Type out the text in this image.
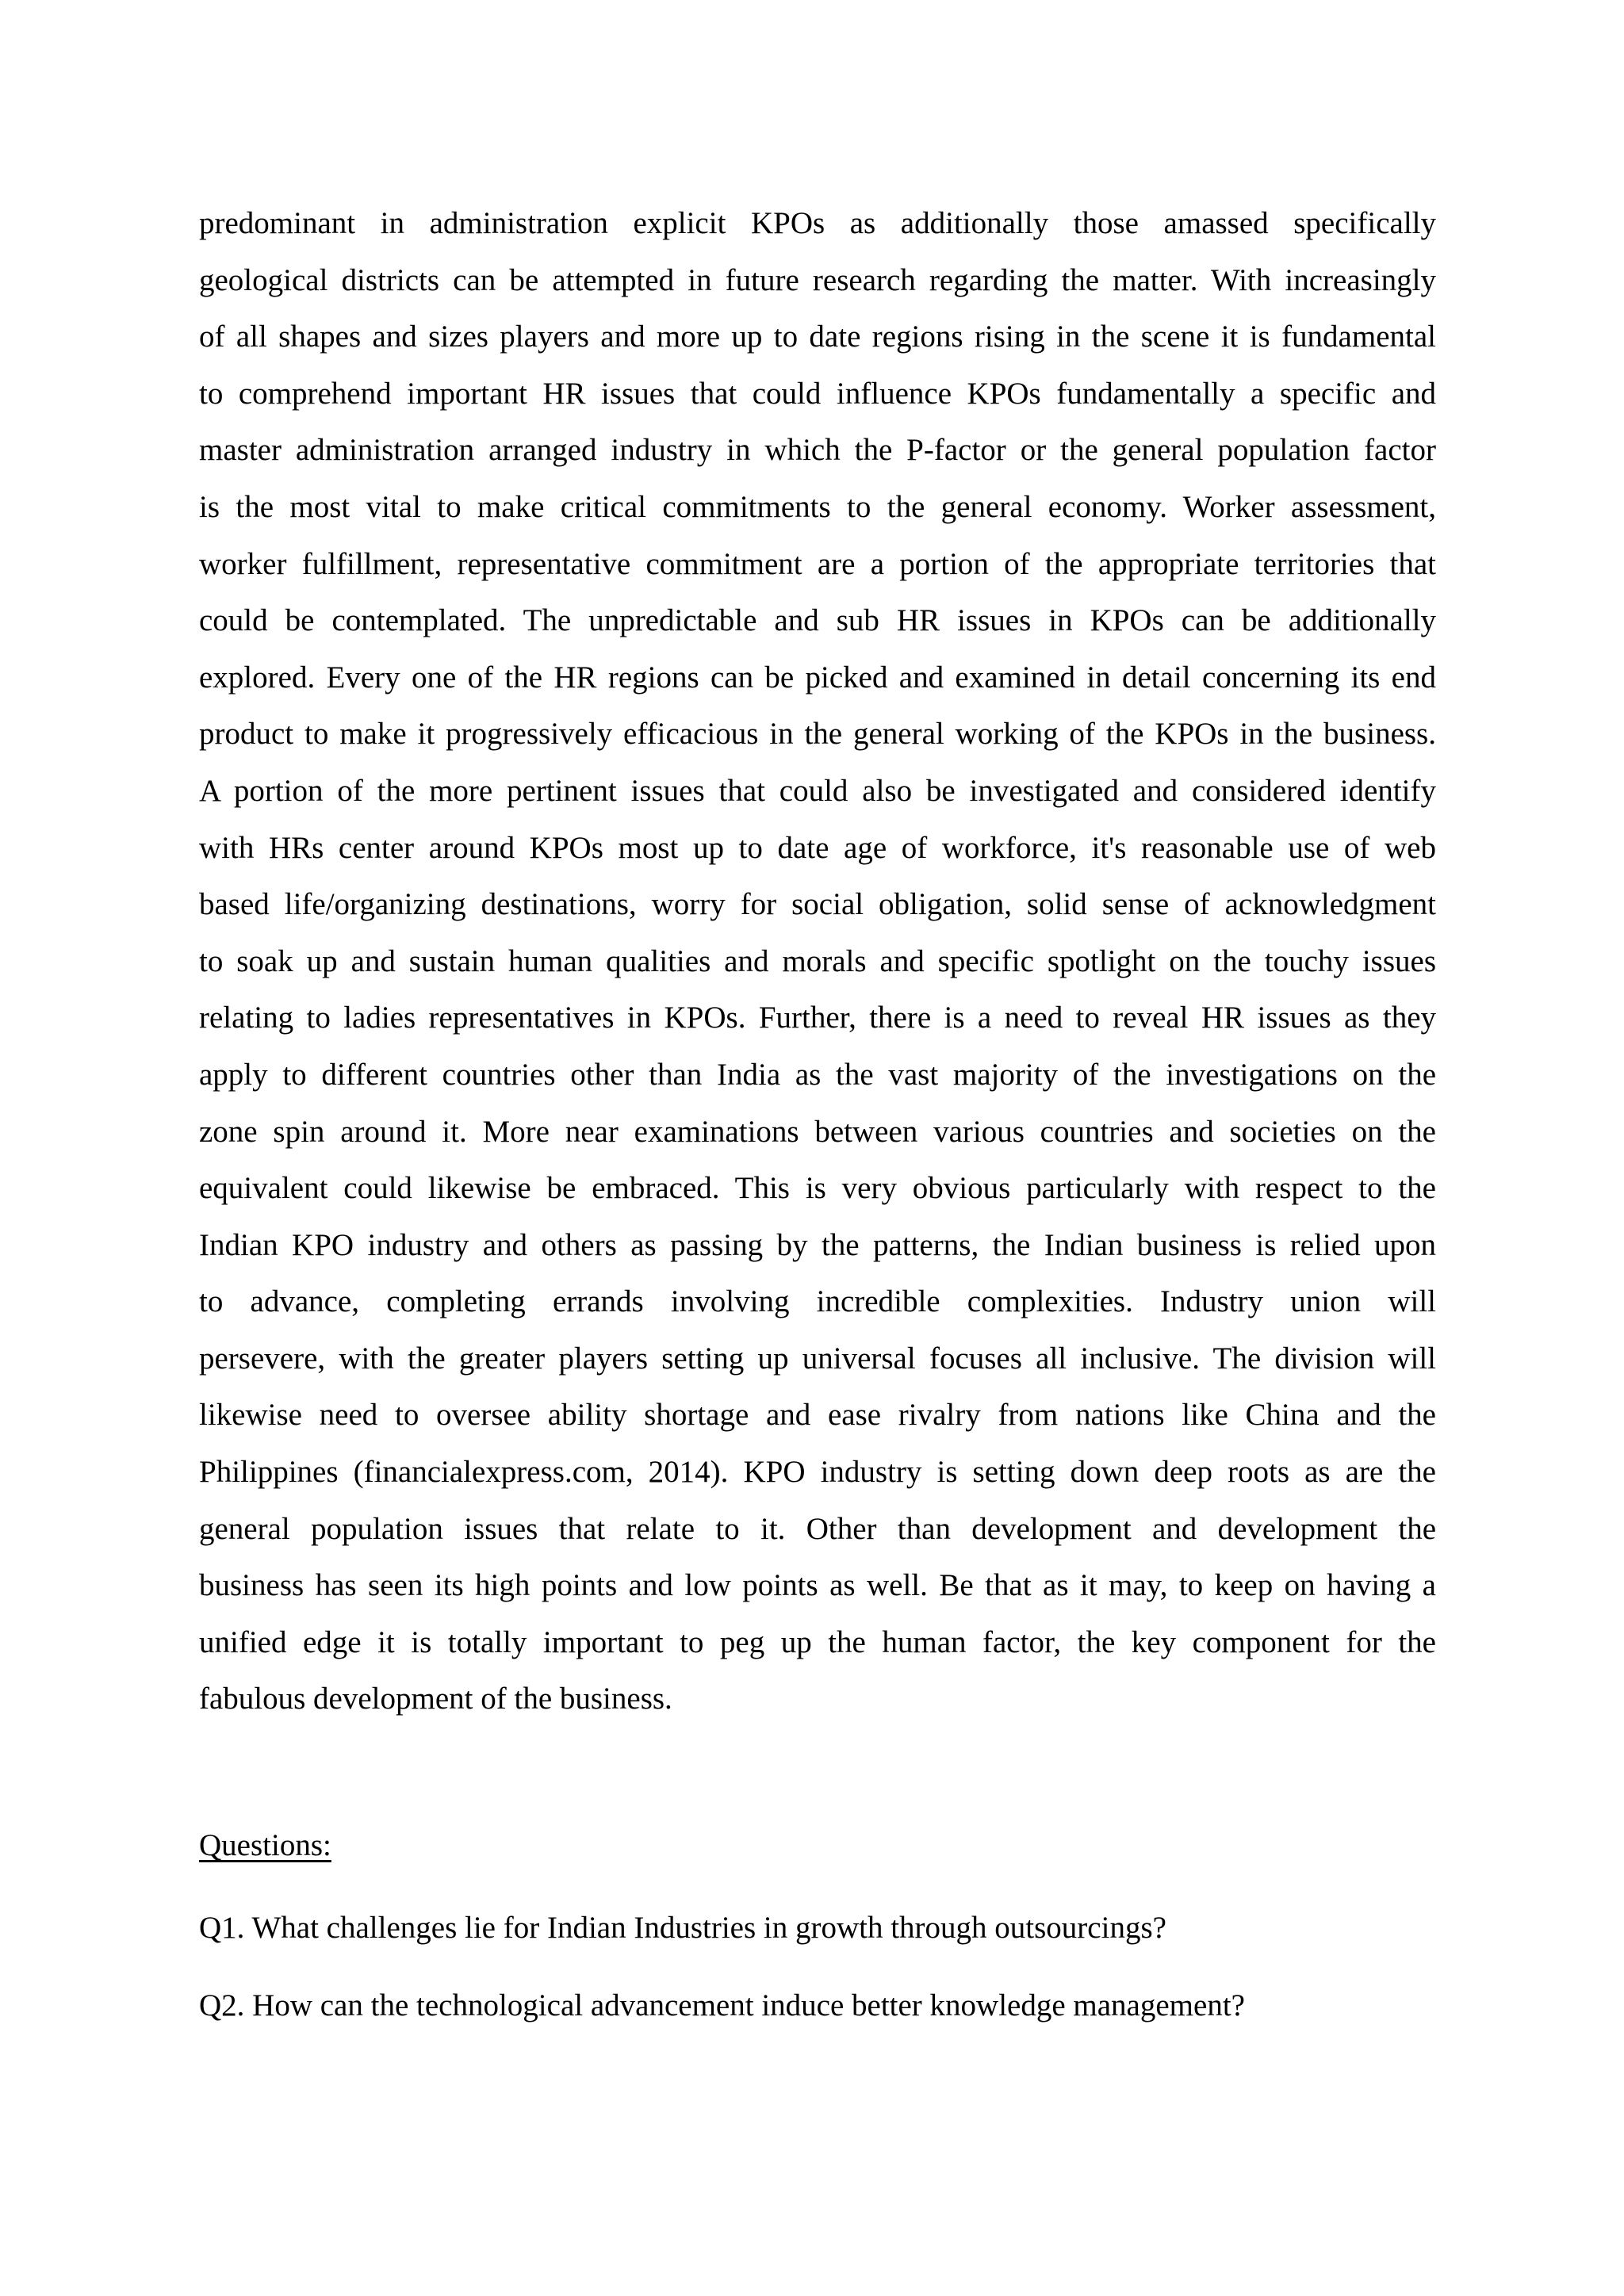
predominant in administration explicit KPOs as additionally those amassed specifically
geological districts can be attempted in future research regarding the matter. With increasingly
of all shapes and sizes players and more up to date regions rising in the scene it is fundamental
to comprehend important HR issues that could influence KPOs fundamentally a specific and
master administration arranged industry in which the P-factor or the general population factor
is the most vital to make critical commitments to the general economy. Worker assessment,
worker fulfillment, representative commitment are a portion of the appropriate territories that
could be contemplated. The unpredictable and sub HR issues in KPOs can be additionally
explored. Every one of the HR regions can be picked and examined in detail concerning its end
product to make it progressively efficacious in the general working of the KPOs in the business.
A portion of the more pertinent issues that could also be investigated and considered identify
with HRs center around KPOs most up to date age of workforce, it's reasonable use of web
based life/organizing destinations, worry for social obligation, solid sense of acknowledgment
to soak up and sustain human qualities and morals and specific spotlight on the touchy issues
relating to ladies representatives in KPOs. Further, there is a need to reveal HR issues as they
apply to different countries other than India as the vast majority of the investigations on the
zone spin around it. More near examinations between various countries and societies on the
equivalent could likewise be embraced. This is very obvious particularly with respect to the
Indian KPO industry and others as passing by the patterns, the Indian business is relied upon
to advance, completing errands involving incredible complexities. Industry union will
persevere, with the greater players setting up universal focuses all inclusive. The division will
likewise need to oversee ability shortage and ease rivalry from nations like China and the
Philippines (financialexpress.com, 2014). KPO industry is setting down deep roots as are the
general population issues that relate to it. Other than development and development the
business has seen its high points and low points as well. Be that as it may, to keep on having a
unified edge it is totally important to peg up the human factor, the key component for the
fabulous development of the business.
Questions:
Q1. What challenges lie for Indian Industries in growth through outsourcings?
Q2. How can the technological advancement induce better knowledge management?
